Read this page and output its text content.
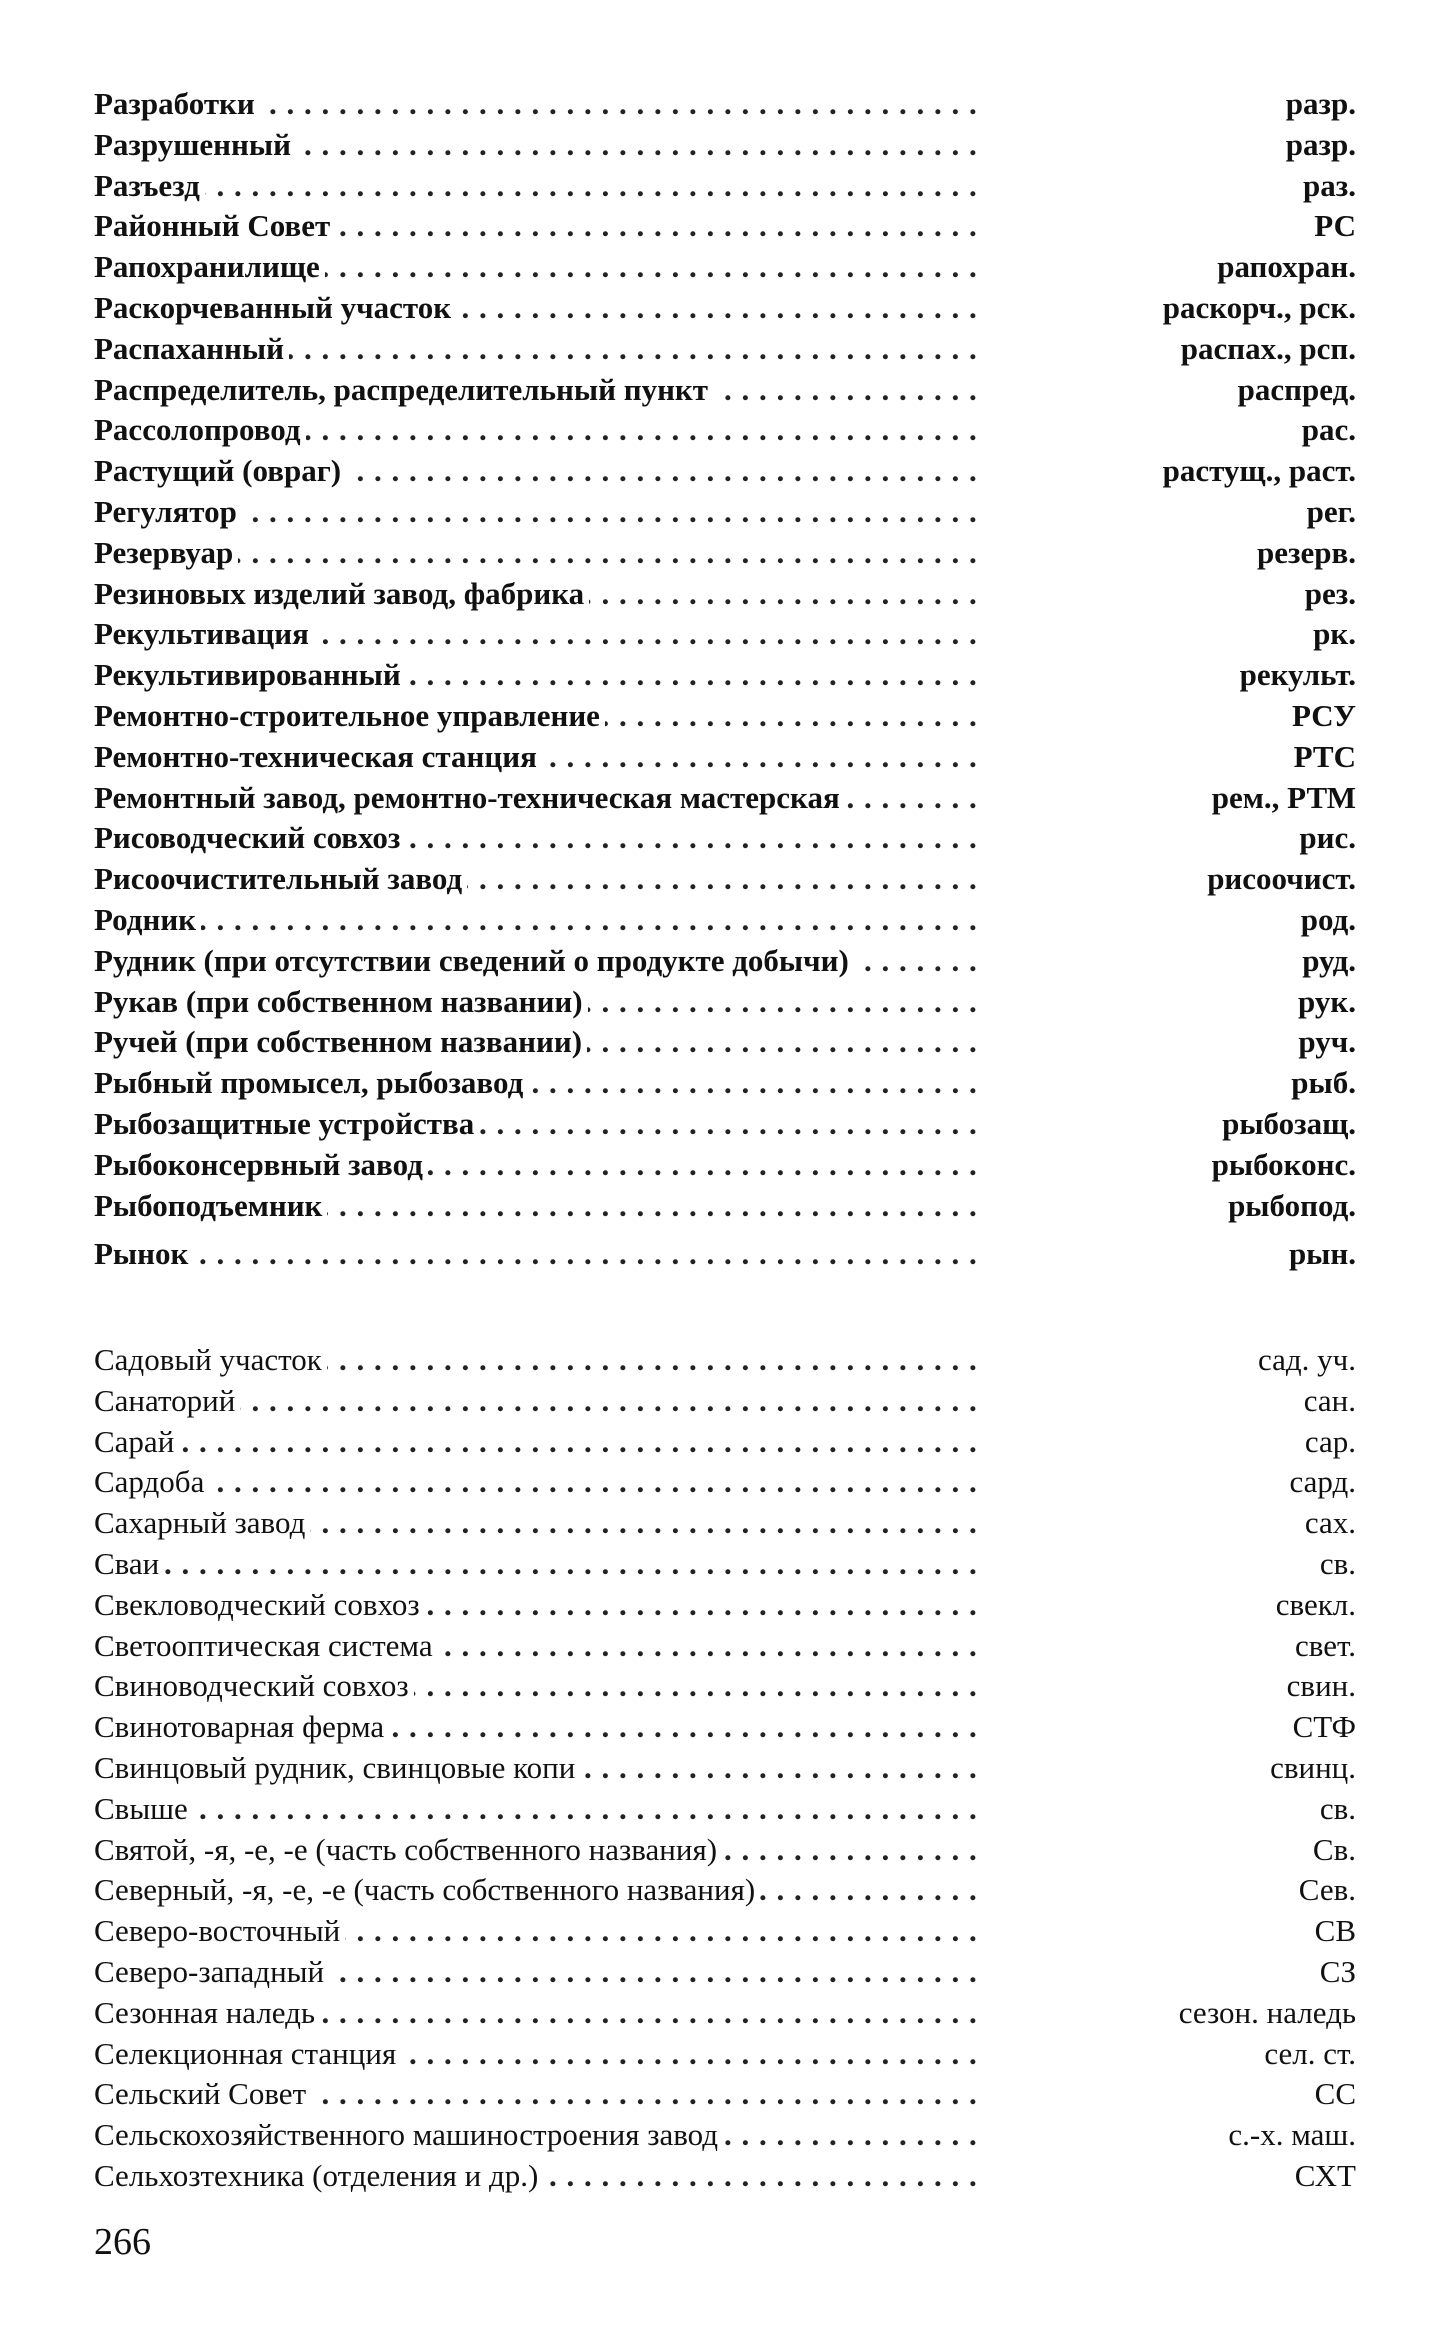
Разработки . . .	разр.
Разрушенный . . .	разр.
Разъезд . . .	раз.
Районный Совет . . .	РС
Рапохранилище . . .	рапохран.
Раскорчеванный участок . . .	раскорч., рск.
Распаханный . . .	распах., рсп.
Распределитель, распределительный пункт . . .	распред.
Рассолопровод . . .	рас.
Растущий (овраг) . . .	растущ., раст.
Регулятор . . .	рег.
Резервуар . . .	резерв.
Резиновых изделий завод, фабрика . . .	рез.
Рекультивация . . .	рк.
Рекультивированный . . .	рекульт.
Ремонтно-строительное управление . . .	РСУ
Ремонтно-техническая станция . . .	РТС
Ремонтный завод, ремонтно-техническая мастерская . . .	рем., РТМ
Рисоводческий совхоз . . .	рис.
Рисоочистительный завод . . .	рисоочист.
Родник . . .	род.
Рудник (при отсутствии сведений о продукте добычи) . . .	руд.
Рукав (при собственном названии) . . .	рук.
Ручей (при собственном названии) . . .	руч.
Рыбный промысел, рыбозавод . . .	рыб.
Рыбозащитные устройства . . .	рыбозащ.
Рыбоконсервный завод . . .	рыбоконс.
Рыбоподъемник . . .	рыбопод.
Рынок . . .	рын.
Садовый участок . . .	сад. уч.
Санаторий . . .	сан.
Сарай . . .	сар.
Сардоба . . .	сард.
Сахарный завод . . .	сах.
Сваи . . .	св.
Свекловодческий совхоз . . .	свекл.
Светооптическая система . . .	свет.
Свиноводческий совхоз . . .	свин.
Свинотоварная ферма . . .	СТФ
Свинцовый рудник, свинцовые копи . . .	свинц.
Свыше . . .	св.
Святой, -я, -е, -е (часть собственного названия) . . .	Св.
Северный, -я, -е, -е (часть собственного названия) . . .	Сев.
Северо-восточный . . .	СВ
Северо-западный . . .	СЗ
Сезонная наледь . . .	сезон. наледь
Селекционная станция . . .	сел. ст.
Сельский Совет . . .	СС
Сельскохозяйственного машиностроения завод . . .	с.-х. маш.
Сельхозтехника (отделения и др.) . . .	СХТ
266
